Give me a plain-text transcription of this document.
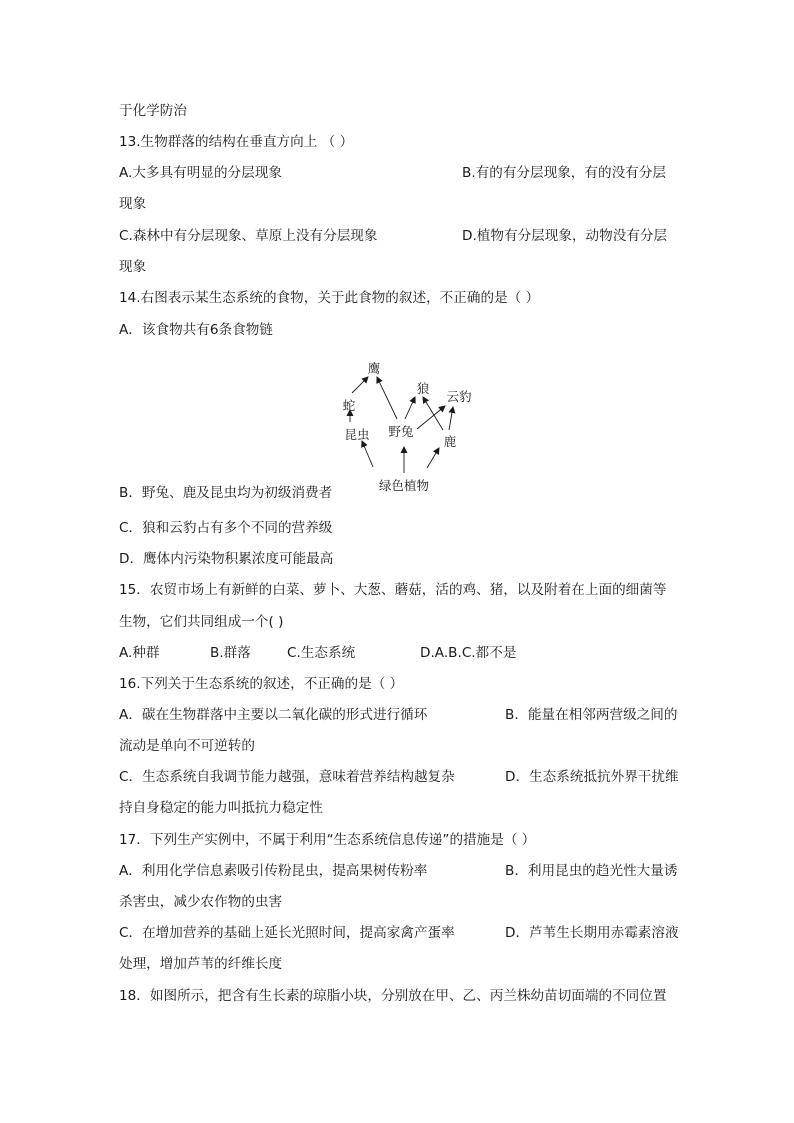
于化学防治
13.生物群落的结构在垂直方向上 （ ）
A.大多具有明显的分层现象	B.有的有分层现象，有的没有分层
现象
C.森林中有分层现象、草原上没有分层现象	D.植物有分层现象，动物没有分层
现象
14.右图表示某生态系统的食物，关于此食物的叙述，不正确的是（ ）
A．该食物共有6条食物链
鹰
狼
云豹
蛇
野兔
昆虫	鹿
绿色植物
B．野兔、鹿及昆虫均为初级消费者
C．狼和云豹占有多个不同的营养级
D．鹰体内污染物积累浓度可能最高
15．农贸市场上有新鲜的白菜、萝卜、大葱、蘑菇，活的鸡、猪，以及附着在上面的细菌等
生物，它们共同组成一个( )
A.种群	B.群落	C.生态系统	D.A.B.C.都不是
16.下列关于生态系统的叙述，不正确的是（ ）
A．碳在生物群落中主要以二氧化碳的形式进行循环	B．能量在相邻两营级之间的
流动是单向不可逆转的
C．生态系统自我调节能力越强，意味着营养结构越复杂	D．生态系统抵抗外界干扰维
持自身稳定的能力叫抵抗力稳定性
17．下列生产实例中，不属于利用“生态系统信息传递”的措施是（ ）
A．利用化学信息素吸引传粉昆虫，提高果树传粉率	B．利用昆虫的趋光性大量诱
杀害虫，减少农作物的虫害
C．在增加营养的基础上延长光照时间，提高家禽产蛋率	D．芦苇生长期用赤霉素溶液
处理，增加芦苇的纤维长度
18．如图所示，把含有生长素的琼脂小块，分别放在甲、乙、丙兰株幼苗切面端的不同位置
